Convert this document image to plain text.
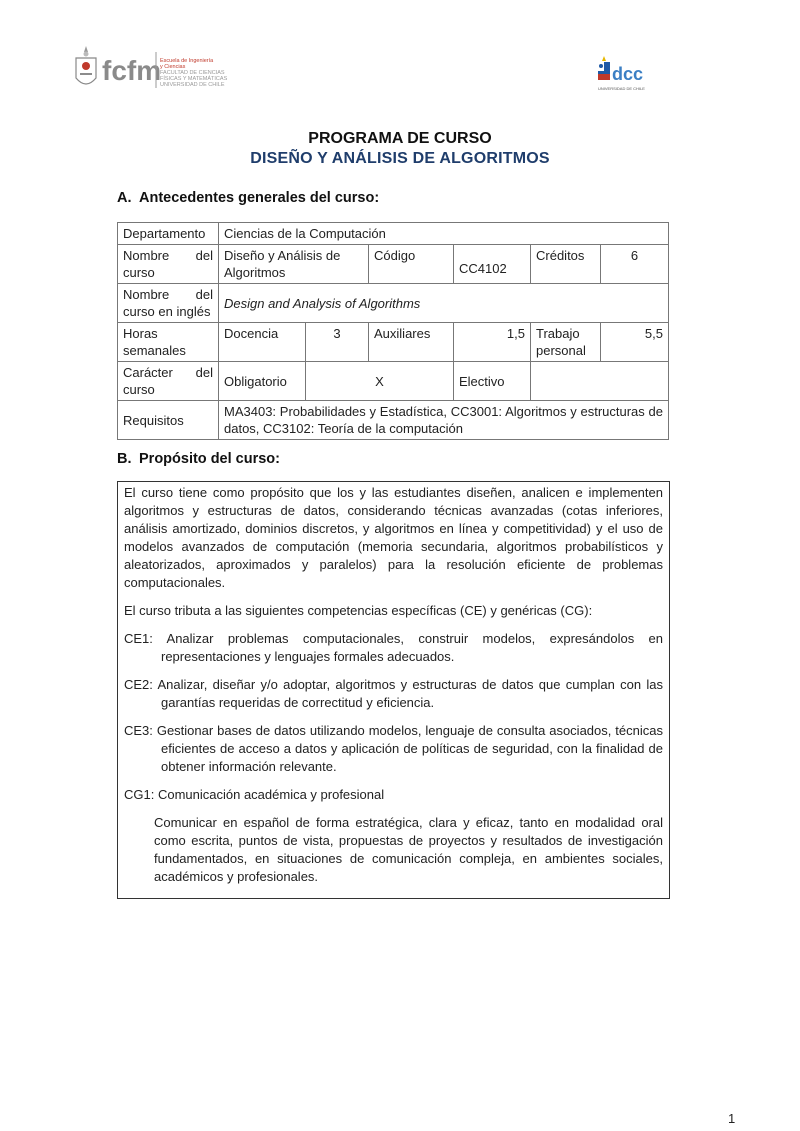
fcfm
Escuela de Ingeniería
y Ciencias
FACULTAD DE CIENCIAS
FÍSICAS Y MATEMÁTICAS
UNIVERSIDAD DE CHILE
dcc
UNIVERSIDAD DE CHILE
PROGRAMA DE CURSO
DISEÑO Y ANÁLISIS DE ALGORITMOS
A. Antecedentes generales del curso:
Departamento	Ciencias de la Computación					

Nombre del
curso	Diseño y Análisis de Algoritmos		Código	CC4102	Créditos	6

Nombre del
curso en inglés	Design and Analysis of Algorithms					
Horas semanales	Docencia	3	Auxiliares	1,5	Trabajo personal	5,5

Carácter del
curso	Obligatorio	X		Electivo		
Requisitos	MA3403: Probabilidades y Estadística, CC3001: Algoritmos y estructuras de datos, CC3102: Teoría de la computación					
B. Propósito del curso:

El curso tiene como propósito que los y las estudiantes diseñen, analicen e implementen algoritmos y estructuras de datos, considerando técnicas avanzadas (cotas inferiores, análisis amortizado, dominios discretos, y algoritmos en línea y competitividad) y el uso de modelos avanzados de computación (memoria secundaria, algoritmos probabilísticos y aleatorizados, aproximados y paralelos) para la resolución eficiente de problemas computacionales.

El curso tributa a las siguientes competencias específicas (CE) y genéricas (CG):

CE1: Analizar problemas computacionales, construir modelos, expresándolos en representaciones y lenguajes formales adecuados.

CE2: Analizar, diseñar y/o adoptar, algoritmos y estructuras de datos que cumplan con las garantías requeridas de correctitud y eficiencia.

CE3: Gestionar bases de datos utilizando modelos, lenguaje de consulta asociados, técnicas eficientes de acceso a datos y aplicación de políticas de seguridad, con la finalidad de obtener información relevante.

CG1: Comunicación académica y profesional

Comunicar en español de forma estratégica, clara y eficaz, tanto en modalidad oral como escrita, puntos de vista, propuestas de proyectos y resultados de investigación fundamentados, en situaciones de comunicación compleja, en ambientes sociales, académicos y profesionales.

1
